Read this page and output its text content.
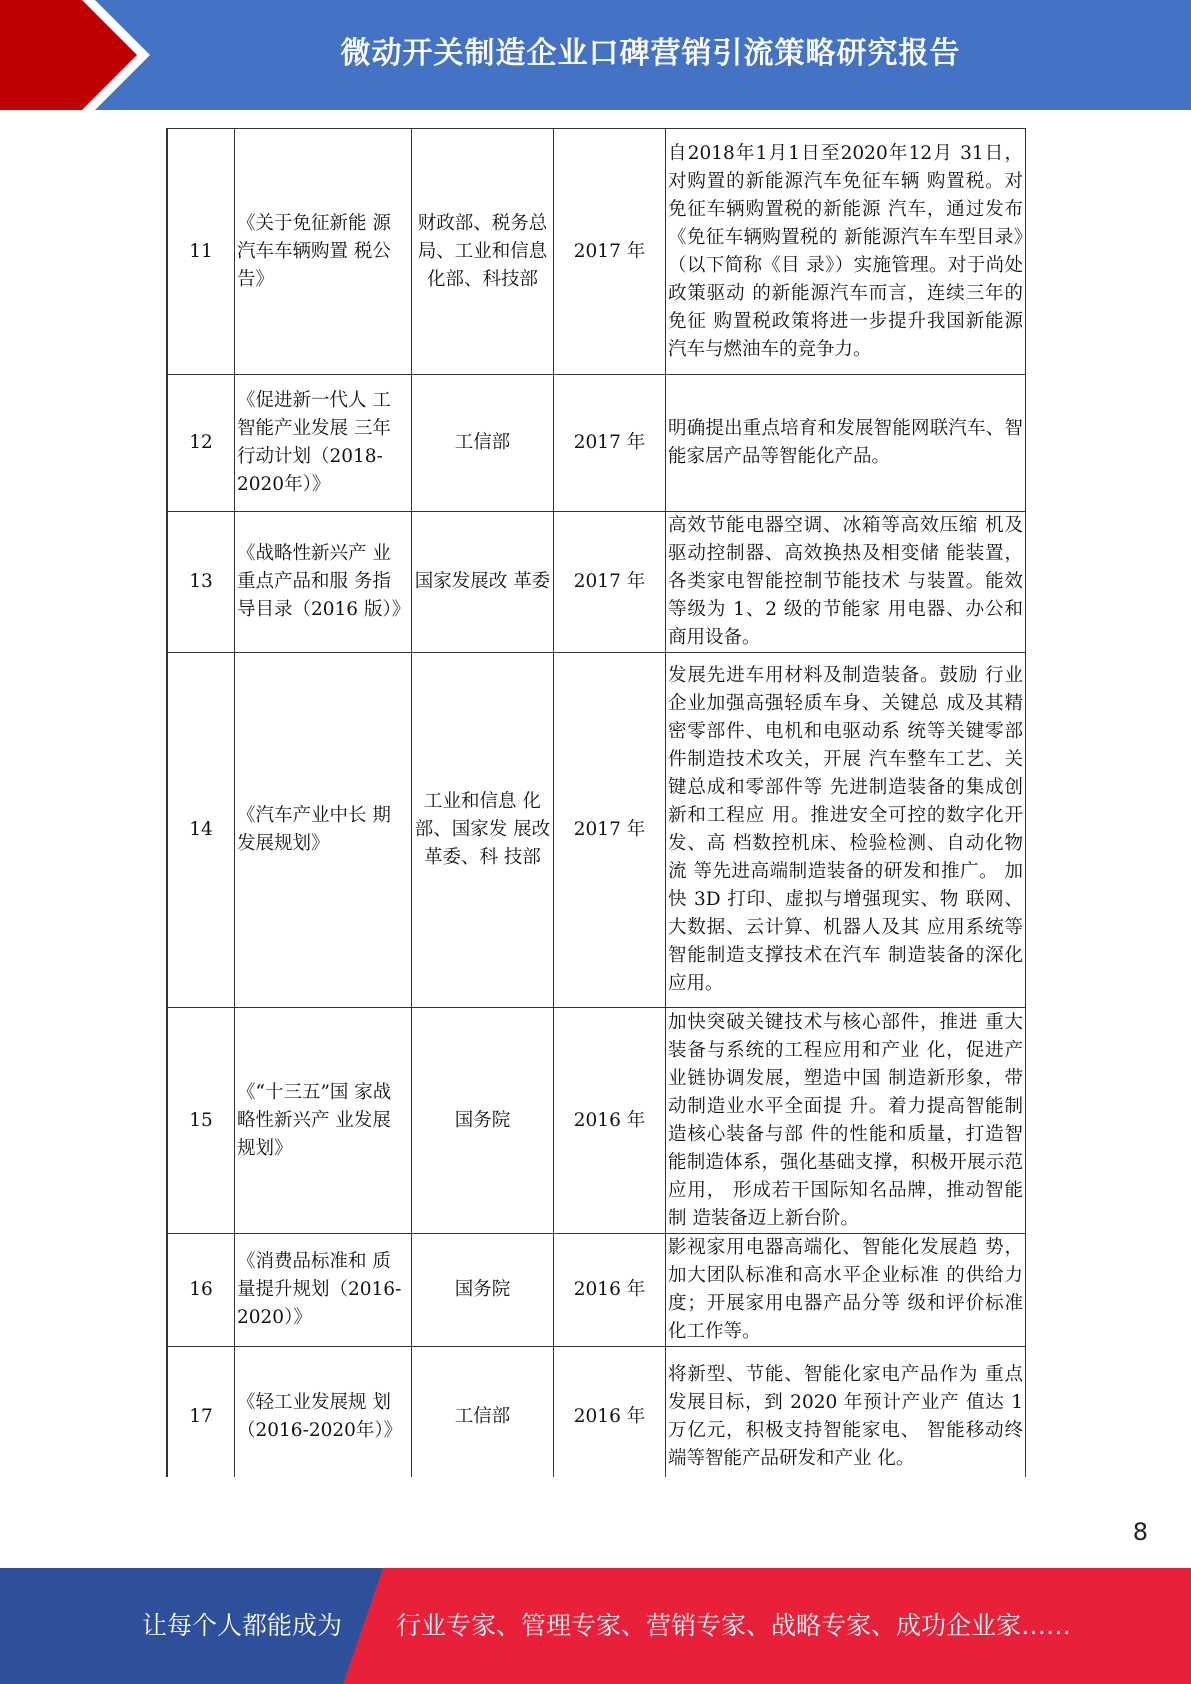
微动开关制造企业口碑营销引流策略研究报告
11	《关于免征新能 源汽车车辆购置 税公告》	财政部、税务总局、工业和信息化部、科技部	2017 年	自2018年1月1日至2020年12月 31日，对购置的新能源汽车免征车辆 购置税。对免征车辆购置税的新能源 汽车，通过发布《免征车辆购置税的 新能源汽车车型目录》（以下简称《目 录》）实施管理。对于尚处政策驱动 的新能源汽车而言，连续三年的免征 购置税政策将进一步提升我国新能源 汽车与燃油车的竞争力。
12	《促进新一代人 工智能产业发展 三年行动计划（2018-2020年）》	工信部	2017 年	明确提出重点培育和发展智能网联汽车、智能家居产品等智能化产品。
13	《战略性新兴产 业重点产品和服 务指导目录（2016 版）》	国家发展改 革委	2017 年	高效节能电器空调、冰箱等高效压缩 机及驱动控制器、高效换热及相变储 能装置，各类家电智能控制节能技术 与装置。能效等级为 1、2 级的节能家 用电器、办公和商用设备。
14	《汽车产业中长 期发展规划》	工业和信息 化部、国家发 展改革委、科 技部	2017 年	发展先进车用材料及制造装备。鼓励 行业企业加强高强轻质车身、关键总 成及其精密零部件、电机和电驱动系 统等关键零部件制造技术攻关，开展 汽车整车工艺、关键总成和零部件等 先进制造装备的集成创新和工程应 用。推进安全可控的数字化开发、高 档数控机床、检验检测、自动化物流 等先进高端制造装备的研发和推广。 加快 3D 打印、虚拟与增强现实、物 联网、大数据、云计算、机器人及其 应用系统等智能制造支撑技术在汽车 制造装备的深化应用。
15	《“十三五”国 家战略性新兴产 业发展规划》	国务院	2016 年	加快突破关键技术与核心部件，推进 重大装备与系统的工程应用和产业 化，促进产业链协调发展，塑造中国 制造新形象，带动制造业水平全面提 升。着力提高智能制造核心装备与部 件的性能和质量，打造智能制造体系，强化基础支撑，积极开展示范应用， 形成若干国际知名品牌，推动智能制 造装备迈上新台阶。
16	《消费品标准和 质量提升规划（2016-2020）》	国务院	2016 年	影视家用电器高端化、智能化发展趋 势，加大团队标准和高水平企业标准 的供给力度；开展家用电器产品分等 级和评价标准化工作等。
17	《轻工业发展规 划（2016-2020年）》	工信部	2016 年	将新型、节能、智能化家电产品作为 重点发展目标，到 2020 年预计产业产 值达 1 万亿元，积极支持智能家电、 智能移动终端等智能产品研发和产业 化。
8
让每个人都能成为 行业专家、管理专家、营销专家、战略专家、成功企业家……
